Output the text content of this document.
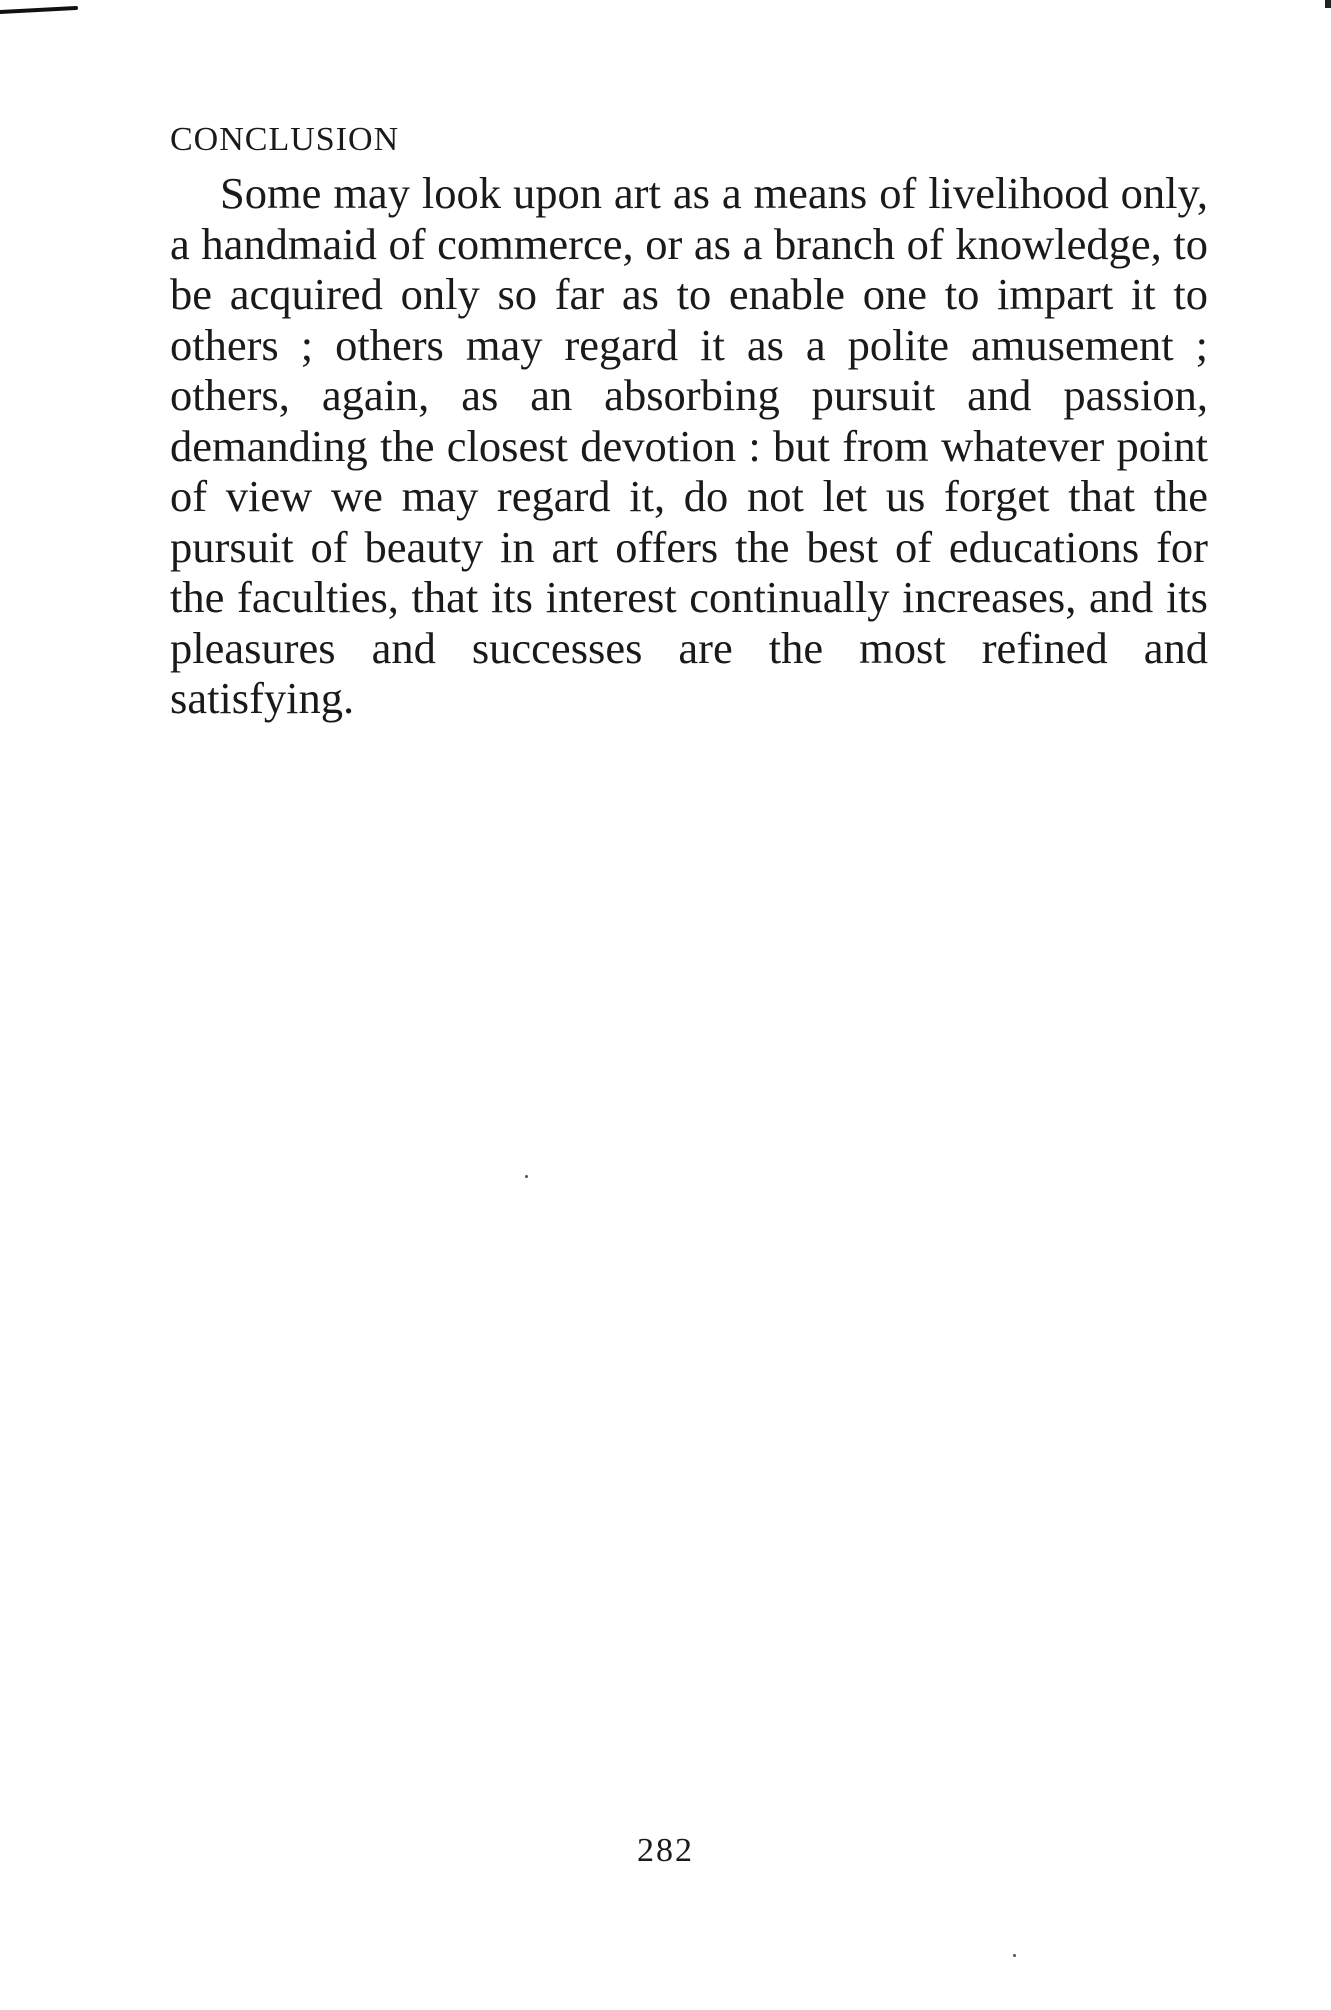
CONCLUSION

Some may look upon art as a means of livelihood only, a handmaid of commerce, or as a branch of knowledge, to be acquired only so far as to enable one to impart it to others ; others may regard it as a polite amusement ; others, again, as an absorbing pursuit and passion, demanding the closest devotion : but from whatever point of view we may regard it, do not let us forget that the pursuit of beauty in art offers the best of educations for the faculties, that its interest continually increases, and its pleasures and successes are the most refined and satisfying.

282
